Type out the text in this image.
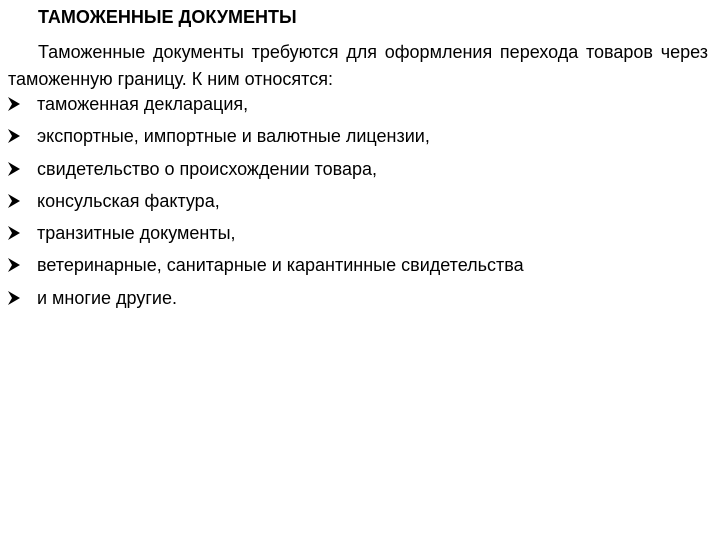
ТАМОЖЕННЫЕ ДОКУМЕНТЫ
Таможенные документы требуются для оформления перехода товаров через таможенную границу. К ним относятся:
таможенная декларация,
экспортные, импортные и валютные лицензии,
свидетельство о происхождении товара,
консульская фактура,
транзитные документы,
ветеринарные, санитарные и карантинные свидетельства
и многие другие.
